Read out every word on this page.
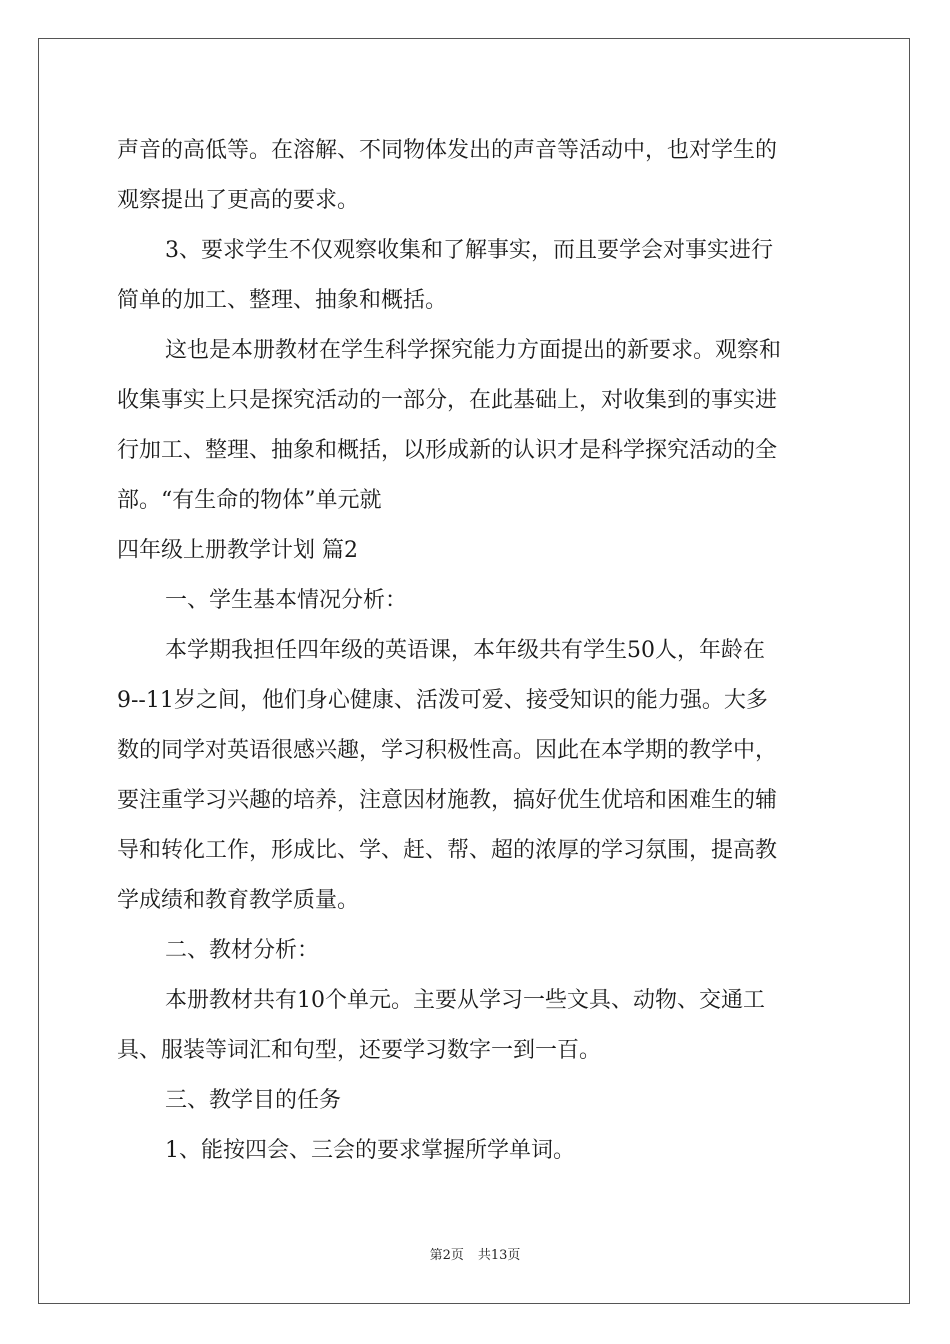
声音的高低等。在溶解、不同物体发出的声音等活动中，也对学生的
观察提出了更高的要求。
3、要求学生不仅观察收集和了解事实，而且要学会对事实进行
简单的加工、整理、抽象和概括。
这也是本册教材在学生科学探究能力方面提出的新要求。观察和
收集事实上只是探究活动的一部分，在此基础上，对收集到的事实进
行加工、整理、抽象和概括，以形成新的认识才是科学探究活动的全
部。“有生命的物体”单元就
四年级上册教学计划 篇2
一、学生基本情况分析：
本学期我担任四年级的英语课，本年级共有学生50人，年龄在
9--11岁之间，他们身心健康、活泼可爱、接受知识的能力强。大多
数的同学对英语很感兴趣，学习积极性高。因此在本学期的教学中，
要注重学习兴趣的培养，注意因材施教，搞好优生优培和困难生的辅
导和转化工作，形成比、学、赶、帮、超的浓厚的学习氛围，提高教
学成绩和教育教学质量。
二、教材分析：
本册教材共有10个单元。主要从学习一些文具、动物、交通工
具、服装等词汇和句型，还要学习数字一到一百。
三、教学目的任务
1、能按四会、三会的要求掌握所学单词。
第2页 共13页
